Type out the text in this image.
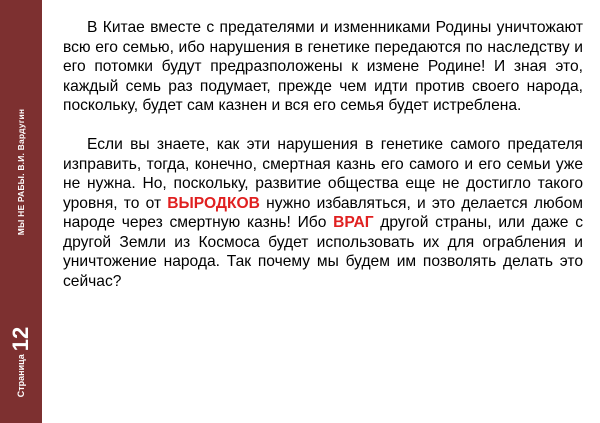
МЫ НЕ РАБЫ. В.И. Вардугин
Страница12

В Китае вместе с предателями и изменниками Родины уничтожают всю его семью, ибо нарушения в генетике передаются по наследству и его потомки будут предразположены к измене Родине! И зная это, каждый семь раз подумает, прежде чем идти против своего народа, поскольку, будет сам казнен и вся его семья будет истреблена.

Если вы знаете, как эти нарушения в генетике самого предателя изправить, тогда, конечно, смертная казнь его самого и его семьи уже не нужна. Но, поскольку, развитие общества еще не достигло такого уровня, то от ВЫРОДКОВ нужно избавляться, и это делается любом народе через смертную казнь! Ибо ВРАГ другой страны, или даже с другой Земли из Космоса будет использовать их для ограбления и уничтожение народа. Так почему мы будем им позволять делать это сейчас?
